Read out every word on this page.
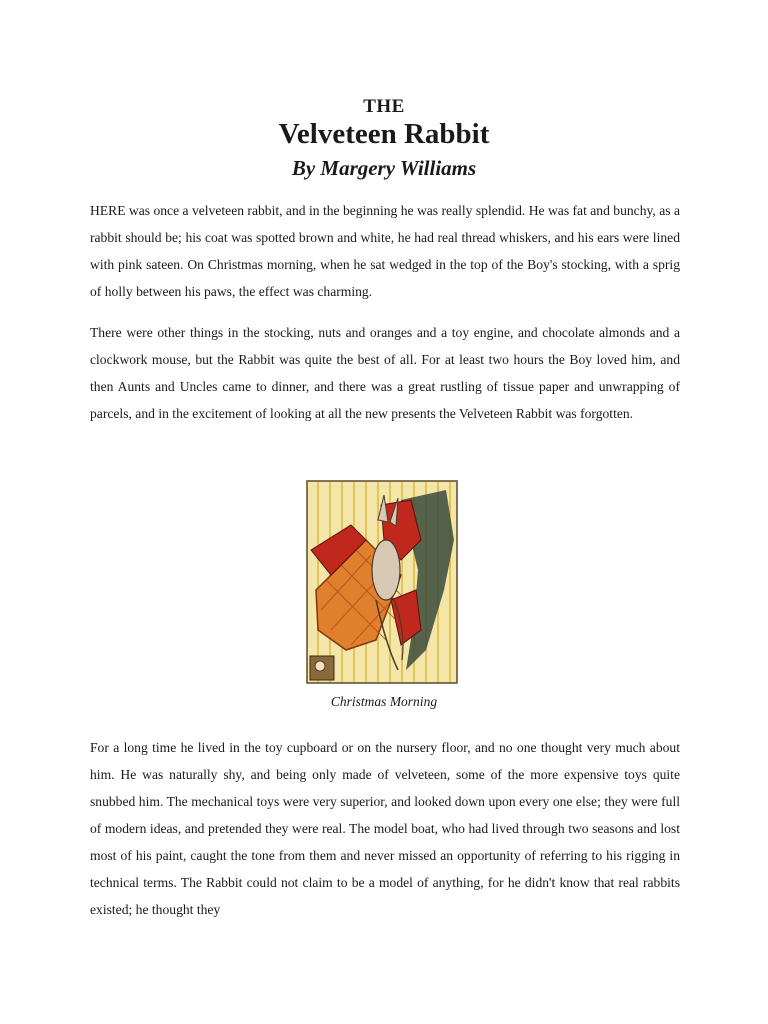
THE
Velveteen Rabbit
By Margery Williams

HERE was once a velveteen rabbit, and in the beginning he was really splendid. He was fat and bunchy, as a rabbit should be; his coat was spotted brown and white, he had real thread whiskers, and his ears were lined with pink sateen. On Christmas morning, when he sat wedged in the top of the Boy's stocking, with a sprig of holly between his paws, the effect was charming.

There were other things in the stocking, nuts and oranges and a toy engine, and chocolate almonds and a clockwork mouse, but the Rabbit was quite the best of all. For at least two hours the Boy loved him, and then Aunts and Uncles came to dinner, and there was a great rustling of tissue paper and unwrapping of parcels, and in the excitement of looking at all the new presents the Velveteen Rabbit was forgotten.

Christmas Morning

For a long time he lived in the toy cupboard or on the nursery floor, and no one thought very much about him. He was naturally shy, and being only made of velveteen, some of the more expensive toys quite snubbed him. The mechanical toys were very superior, and looked down upon every one else; they were full of modern ideas, and pretended they were real. The model boat, who had lived through two seasons and lost most of his paint, caught the tone from them and never missed an opportunity of referring to his rigging in technical terms. The Rabbit could not claim to be a model of anything, for he didn't know that real rabbits existed; he thought they
